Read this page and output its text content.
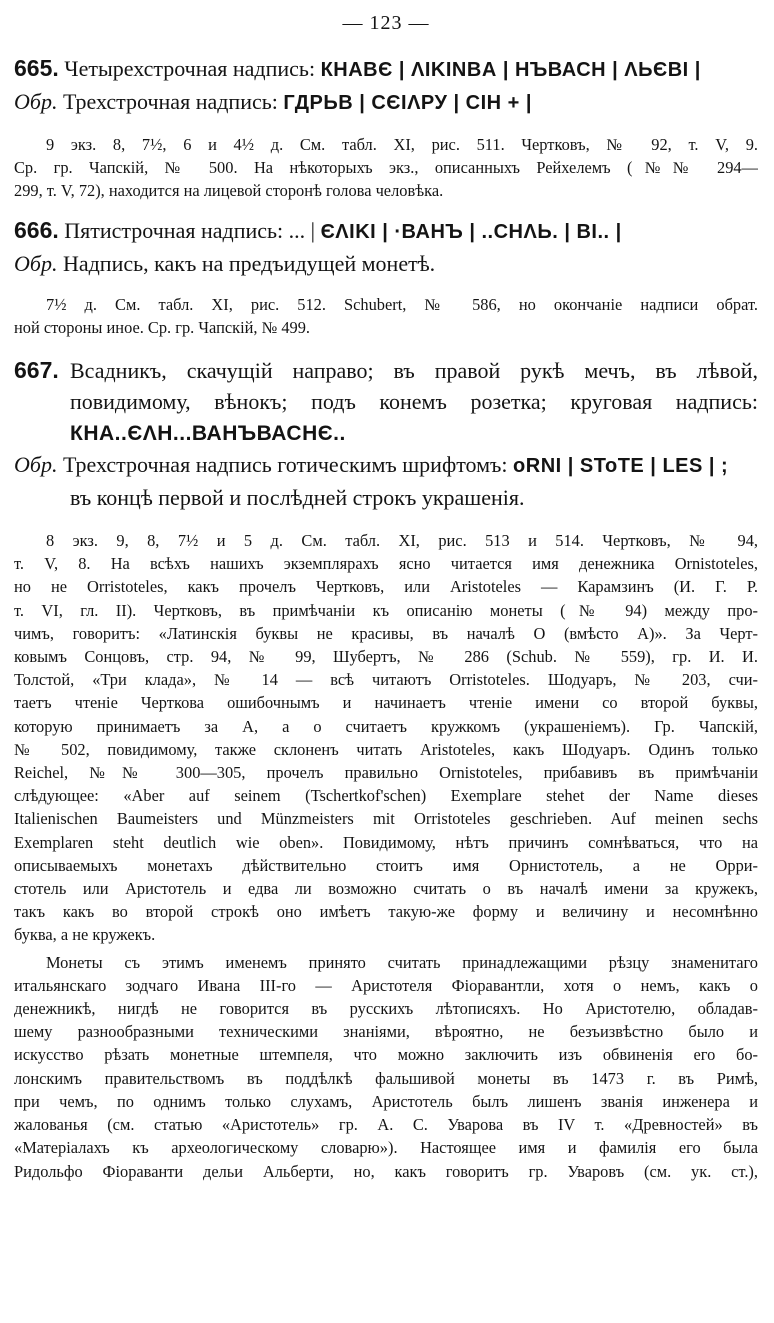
— 123 —
665. Четырехстрочная надпись: КНАВЄ | ΛΙΚΙΝΒΑ | НЪВАСН | ΛЬЄВΙ |
Обр. Трехстрочная надпись: ГДРЬВ | СЄΙΛРУ | СΙН + |
9 экз. 8, 7½, 6 и 4½ д. См. табл. XI, рис. 511. Чертковъ, № 92, т. V, 9.
Ср. гр. Чапскій, № 500. На нѣкоторыхъ экз., описанныхъ Рейхелемъ (№№ 294—
299, т. V, 72), находится на лицевой сторонѣ голова человѣка.
666. Пятистрочная надпись: ... | ЄΛΙΚΙ | ·ВАНЪ | ..СНΛЬ. | ВΙ.. |
Обр. Надпись, какъ на предъидущей монетѣ.
7½ д. См. табл. XI, рис. 512. Schubert, № 586, но окончаніе надписи обрат.
ной стороны иное. Ср. гр. Чапскій, № 499.
667. Всадникъ, скачущій направо; въ правой рукѣ мечъ, въ лѣвой,
повидимому, вѣнокъ; подъ конемъ розетка; круговая надпись:
КНА..ЄΛН...ВАНЪВАСНЄ..
Обр. Трехстрочная надпись готическимъ шрифтомъ: oRNI | SToTE | LES | ;
въ концѣ первой и послѣдней строкъ украшенія.
8 экз. 9, 8, 7½ и 5 д. См. табл. XI, рис. 513 и 514. Чертковъ, № 94,
т. V, 8. На всѣхъ нашихъ экземплярахъ ясно читается имя денежника Ornistoteles,
но не Orristoteles, какъ прочелъ Чертковъ, или Aristoteles — Карамзинъ (И. Г. Р.
т. VI, гл. II). Чертковъ, въ примѣчаніи къ описанію монеты (№ 94) между про-
чимъ, говоритъ: «Латинскія буквы не красивы, въ началѣ O (вмѣсто A)». За Черт-
ковымъ Сонцовъ, стр. 94, № 99, Шубертъ, № 286 (Schub. № 559), гр. И. И.
Толстой, «Три клада», № 14 — всѣ читаютъ Orristoteles. Шодуаръ, № 203, счи-
таетъ чтеніе Черткова ошибочнымъ и начинаетъ чтеніе имени со второй буквы,
которую принимаетъ за A, а o считаетъ кружкомъ (украшеніемъ). Гр. Чапскій,
№ 502, повидимому, также склоненъ читать Aristoteles, какъ Шодуаръ. Одинъ только
Reichel, №№ 300—305, прочелъ правильно Ornistoteles, прибавивъ въ примѣчаніи
слѣдующее: «Aber auf seinem (Tschertkof'schen) Exemplare stehet der Name dieses
Italienischen Baumeisters und Münzmeisters mit Orristoteles geschrieben. Auf meinen sechs
Exemplaren steht deutlich wie oben». Повидимому, нѣтъ причинъ сомнѣваться, что на
описываемыхъ монетахъ дѣйствительно стоитъ имя Орнистотель, а не Орри-
стотель или Аристотель и едва ли возможно считать o въ началѣ имени за кружекъ,
такъ какъ во второй строкѣ оно имѣетъ такую-же форму и величину и несомнѣнно
буква, а не кружекъ.
Монеты съ этимъ именемъ принято считать принадлежащими рѣзцу знаменитаго
итальянскаго зодчаго Ивана III-го — Аристотеля Фіоравантли, хотя о немъ, какъ о
денежникѣ, нигдѣ не говорится въ русскихъ лѣтописяхъ. Но Аристотелю, обладав-
шему разнообразными техническими знаніями, вѣроятно, не безъизвѣстно было и
искусство рѣзать монетные штемпеля, что можно заключить изъ обвиненія его бо-
лонскимъ правительствомъ въ поддѣлкѣ фальшивой монеты въ 1473 г. въ Римѣ,
при чемъ, по однимъ только слухамъ, Аристотель былъ лишенъ званія инженера и
жалованья (см. статью «Аристотель» гр. А. С. Уварова въ IV т. «Древностей» въ
«Матеріалахъ къ археологическому словарю»). Настоящее имя и фамилія его была
Ридольфо Фіораванти дельи Альберти, но, какъ говоритъ гр. Уваровъ (см. ук. ст.),
